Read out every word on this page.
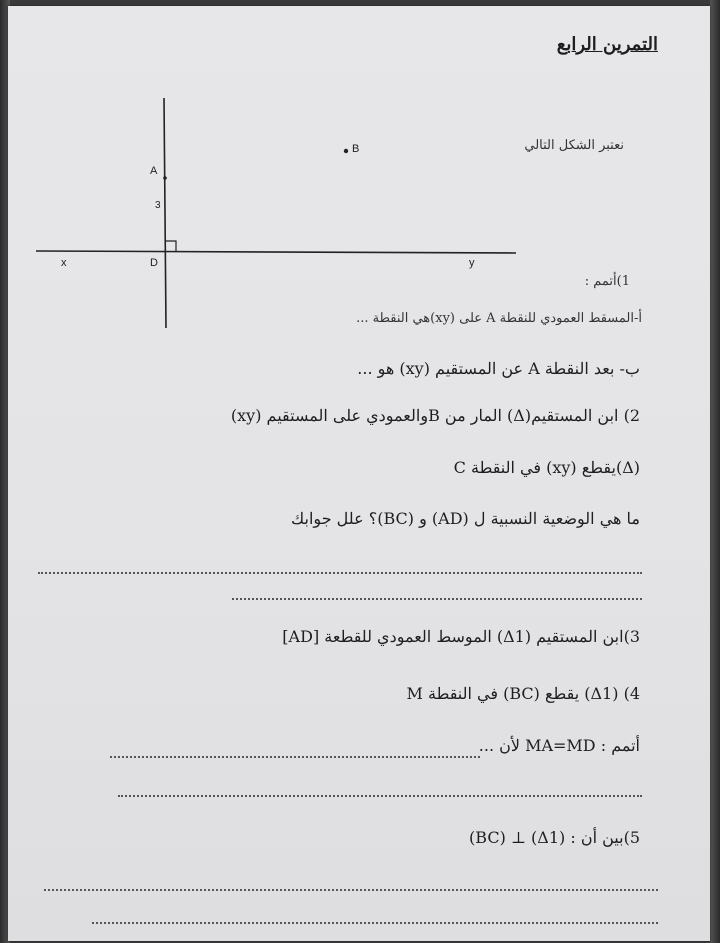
التمرين الرابع
نعتبر الشكل التالي
A
3
B
D
x	y
1)أتمم :
أ-المسقط العمودي للنقطة A على (xy)هي النقطة ...
ب- بعد النقطة A عن المستقيم (xy) هو ...
2) ابن المستقيم(Δ) المار من Bوالعمودي على المستقيم (xy)
(Δ)يقطع (xy) في النقطة C
ما هي الوضعية النسبية ل (AD) و (BC)؟ علل جوابك
3)ابن المستقيم (Δ1) الموسط العمودي للقطعة [AD]
4) (Δ1) يقطع (BC) في النقطة M
أتمم : MA=MD لأن ...
5)بين أن : (Δ1) ⊥ (BC)
